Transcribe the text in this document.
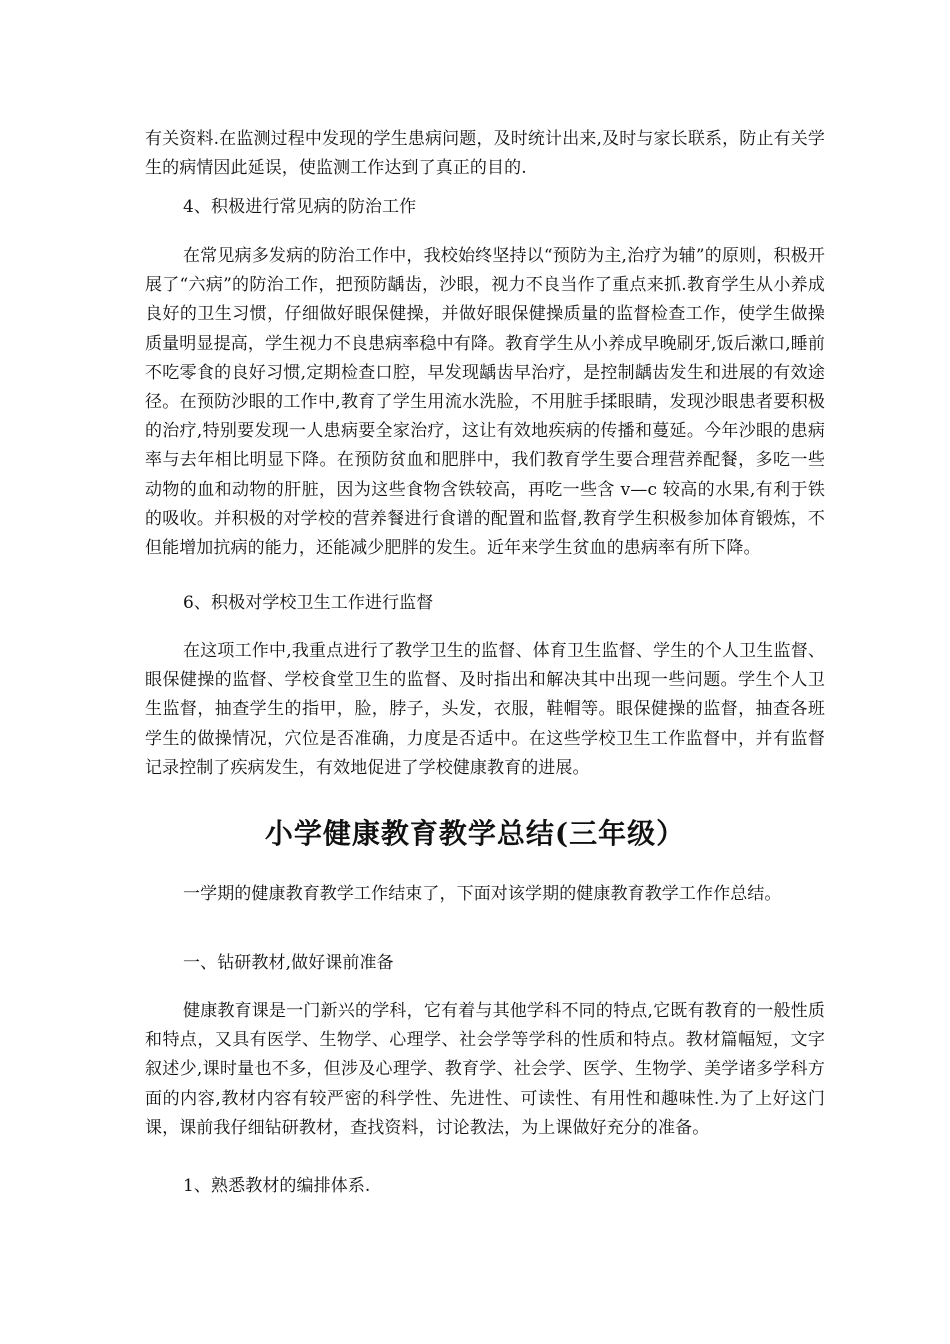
有关资料.在监测过程中发现的学生患病问题，及时统计出来,及时与家长联系，防止有关学生的病情因此延误，使监测工作达到了真正的目的.

4、积极进行常见病的防治工作

在常见病多发病的防治工作中，我校始终坚持以“预防为主,治疗为辅”的原则，积极开展了“六病”的防治工作，把预防龋齿，沙眼，视力不良当作了重点来抓.教育学生从小养成良好的卫生习惯，仔细做好眼保健操，并做好眼保健操质量的监督检查工作，使学生做操质量明显提高，学生视力不良患病率稳中有降。教育学生从小养成早晚刷牙,饭后漱口,睡前不吃零食的良好习惯,定期检查口腔，早发现龋齿早治疗，是控制龋齿发生和进展的有效途径。在预防沙眼的工作中,教育了学生用流水洗脸，不用脏手揉眼睛，发现沙眼患者要积极的治疗,特别要发现一人患病要全家治疗，这让有效地疾病的传播和蔓延。今年沙眼的患病率与去年相比明显下降。在预防贫血和肥胖中，我们教育学生要合理营养配餐，多吃一些动物的血和动物的肝脏，因为这些食物含铁较高，再吃一些含 v—c 较高的水果,有利于铁的吸收。并积极的对学校的营养餐进行食谱的配置和监督,教育学生积极参加体育锻炼，不但能增加抗病的能力，还能减少肥胖的发生。近年来学生贫血的患病率有所下降。

6、积极对学校卫生工作进行监督

在这项工作中,我重点进行了教学卫生的监督、体育卫生监督、学生的个人卫生监督、眼保健操的监督、学校食堂卫生的监督、及时指出和解决其中出现一些问题。学生个人卫生监督，抽查学生的指甲，脸，脖子，头发，衣服，鞋帽等。眼保健操的监督，抽查各班学生的做操情况，穴位是否准确，力度是否适中。在这些学校卫生工作监督中，并有监督记录控制了疾病发生，有效地促进了学校健康教育的进展。

小学健康教育教学总结(三年级）

一学期的健康教育教学工作结束了，下面对该学期的健康教育教学工作作总结。

一、钻研教材,做好课前准备

健康教育课是一门新兴的学科，它有着与其他学科不同的特点,它既有教育的一般性质和特点，又具有医学、生物学、心理学、社会学等学科的性质和特点。教材篇幅短，文字叙述少,课时量也不多，但涉及心理学、教育学、社会学、医学、生物学、美学诸多学科方面的内容,教材内容有较严密的科学性、先进性、可读性、有用性和趣味性.为了上好这门课，课前我仔细钻研教材，查找资料，讨论教法，为上课做好充分的准备。

1、熟悉教材的编排体系.
